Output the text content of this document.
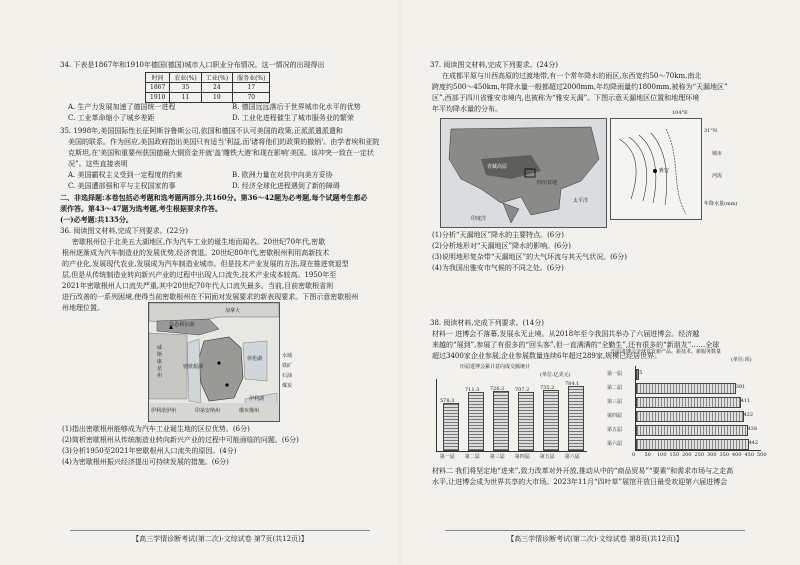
34. 下表是1867年和1910年德国(德国)城市人口职业分布情况。这一情况的出现得出
时间	农业(%)	工业(%)	服务业(%)
1867	35	24	17
1910	11	19	70
A. 生产力发展加速了德国统一进程	B. 德国远远落后于世界城市化水平的优势
C. 工业革命缩小了城乡差距	D. 工业化进程催生了城市服务业的繁荣
35. 1998年,美国国际性长征阿斯谷鲁斯公司,依国和德国不认可美国的政策,正派派遣派遣和
美国的联系。作为回应,美国政府指出美国只有适当'利益,而'诸将他们的政策的撤销'。由学者埃和亚院
克斯坦,在'美国和重要州获国德最大铜资金并就'盖'雕铁大港'和现在影响'美国。该冲突一致在一定状
况”。这些直接表明
A. 美国霸权主义受到一定程度的约束	B. 欧洲力量在对抗中向美方妥协
C. 美国遭部强和平与主权国家的事	D. 经济全球化进程遇到了新的障碍
二、非选择题:本卷包括必考题和选考题两部分,共160分。第36～42题为必考题,每个试题考生都必须作答。第43～47题为选考题,考生根据要求作答。
(一)必考题:共135分。
36. 阅读图文材料,完成下列要求。(22分)
密歇根州位于北美五大湖地区,作为汽车工业的诞生地而闻名。20世纪70年代,密歇
根州逐渐成为汽车制造业的发展优势,经济衰退。20世纪80年代,密歇根州利用高新技术
的产业化,发展现代农业,发展成为汽车制造业城市。但是技术产业发展的方法,现在推进衰退型
层,但是从传统制造业转向新兴产业的过程中出现人口流失,技术产业成本较高。1950年至
2021年密歇根州人口流失严重,其中20世纪70年代人口流失最多。当前,目前密歇根省则
进行改善的一系列困境,使得当前密歇根州在不同面对发展要求的新表现要求。下图示意密歇根州
州地理位置。	加拿大
威斯康星州
伊利诺伊州	印第安纳州	俄亥俄州
苏必利尔湖
密歇根湖
休伦湖
伊利湖
水域
铁矿
石油
煤炭
(1)指出密歇根州能够成为汽车工业诞生地的区位优势。(6分)
(2)简析密歇根州从传统制造业转向新兴产业的过程中可能面临的问题。(6分)
(3)分析1950至2021年密歇根州人口流失的原因。(4分)
(4)为密歇根州振兴经济提出可持续发展的措施。(6分)
【高三学情诊断考试(第二次)·文综试卷 第7页(共12页)】
37. 阅读图文材料,完成下列要求。(24分)
在成都平原与川西高原的过渡地带,有一个常年降水的雨区,东西宽约50～70km,南北
跨度约500～450km,年降水量一般都超过2000mm,年均降雨量约1800mm,被称为“天漏地区”
区”,西部于四川省雅安市境内,也被称为“雅安天漏”。下图示意天漏地区位置和地理环境
年平均降水量的分布。
青藏高原
四川盆地
太平洋
印度洋
雅安
104°E
31°N
城市
河流
年降水量(mm)
(1)分析“天漏地区”降水的主要特点。(6分)
(2)分析地形对“天漏地区”降水的影响。(6分)
(3)说明地形复杂带“天漏地区”的大气环流与其天气状况。(6分)
(4)为我国出雅安市气候的不同之处。(6分)
38. 阅读材料,完成下列要求。(14分)
材料一 进博会不落幕,发展永无止境。从2018年至今我国共举办了六届进博会。经济越
来越的“展到”,参展了有很多的“回头客”,但一直满满的“全勤生”,还有很多的“新朋友”……全球
超过3400家企业参展,企业参展数量连续6年超过289家,规模已经居世界。
历届进博会累计意向成交额统计
(单位:亿美元)
578.3
711.3 726.2 707.2 735.2
784.1
第一届 第二届 第三届 第四届 第五届 第六届
历届进博会全球首发新产品、新技术、新服务数量
(单位:项)
第一届
第二届
第三届
第四届
第五届
第六届
5
391
411
422
438
442
0 50 100 150 200 250 300 350 400 450 500
材料二 我们将坚定地“进来”,致力改革对外开放,推动从中的“商品贸易”“要素”和需求市场与之走高
水平,让进博会成为世界共享的大市场。2023年11月“四叶草”展馆开放日最受欢迎第六届进博会
【高三学情诊断考试(第二次)·文综试卷 第8页(共12页)】
